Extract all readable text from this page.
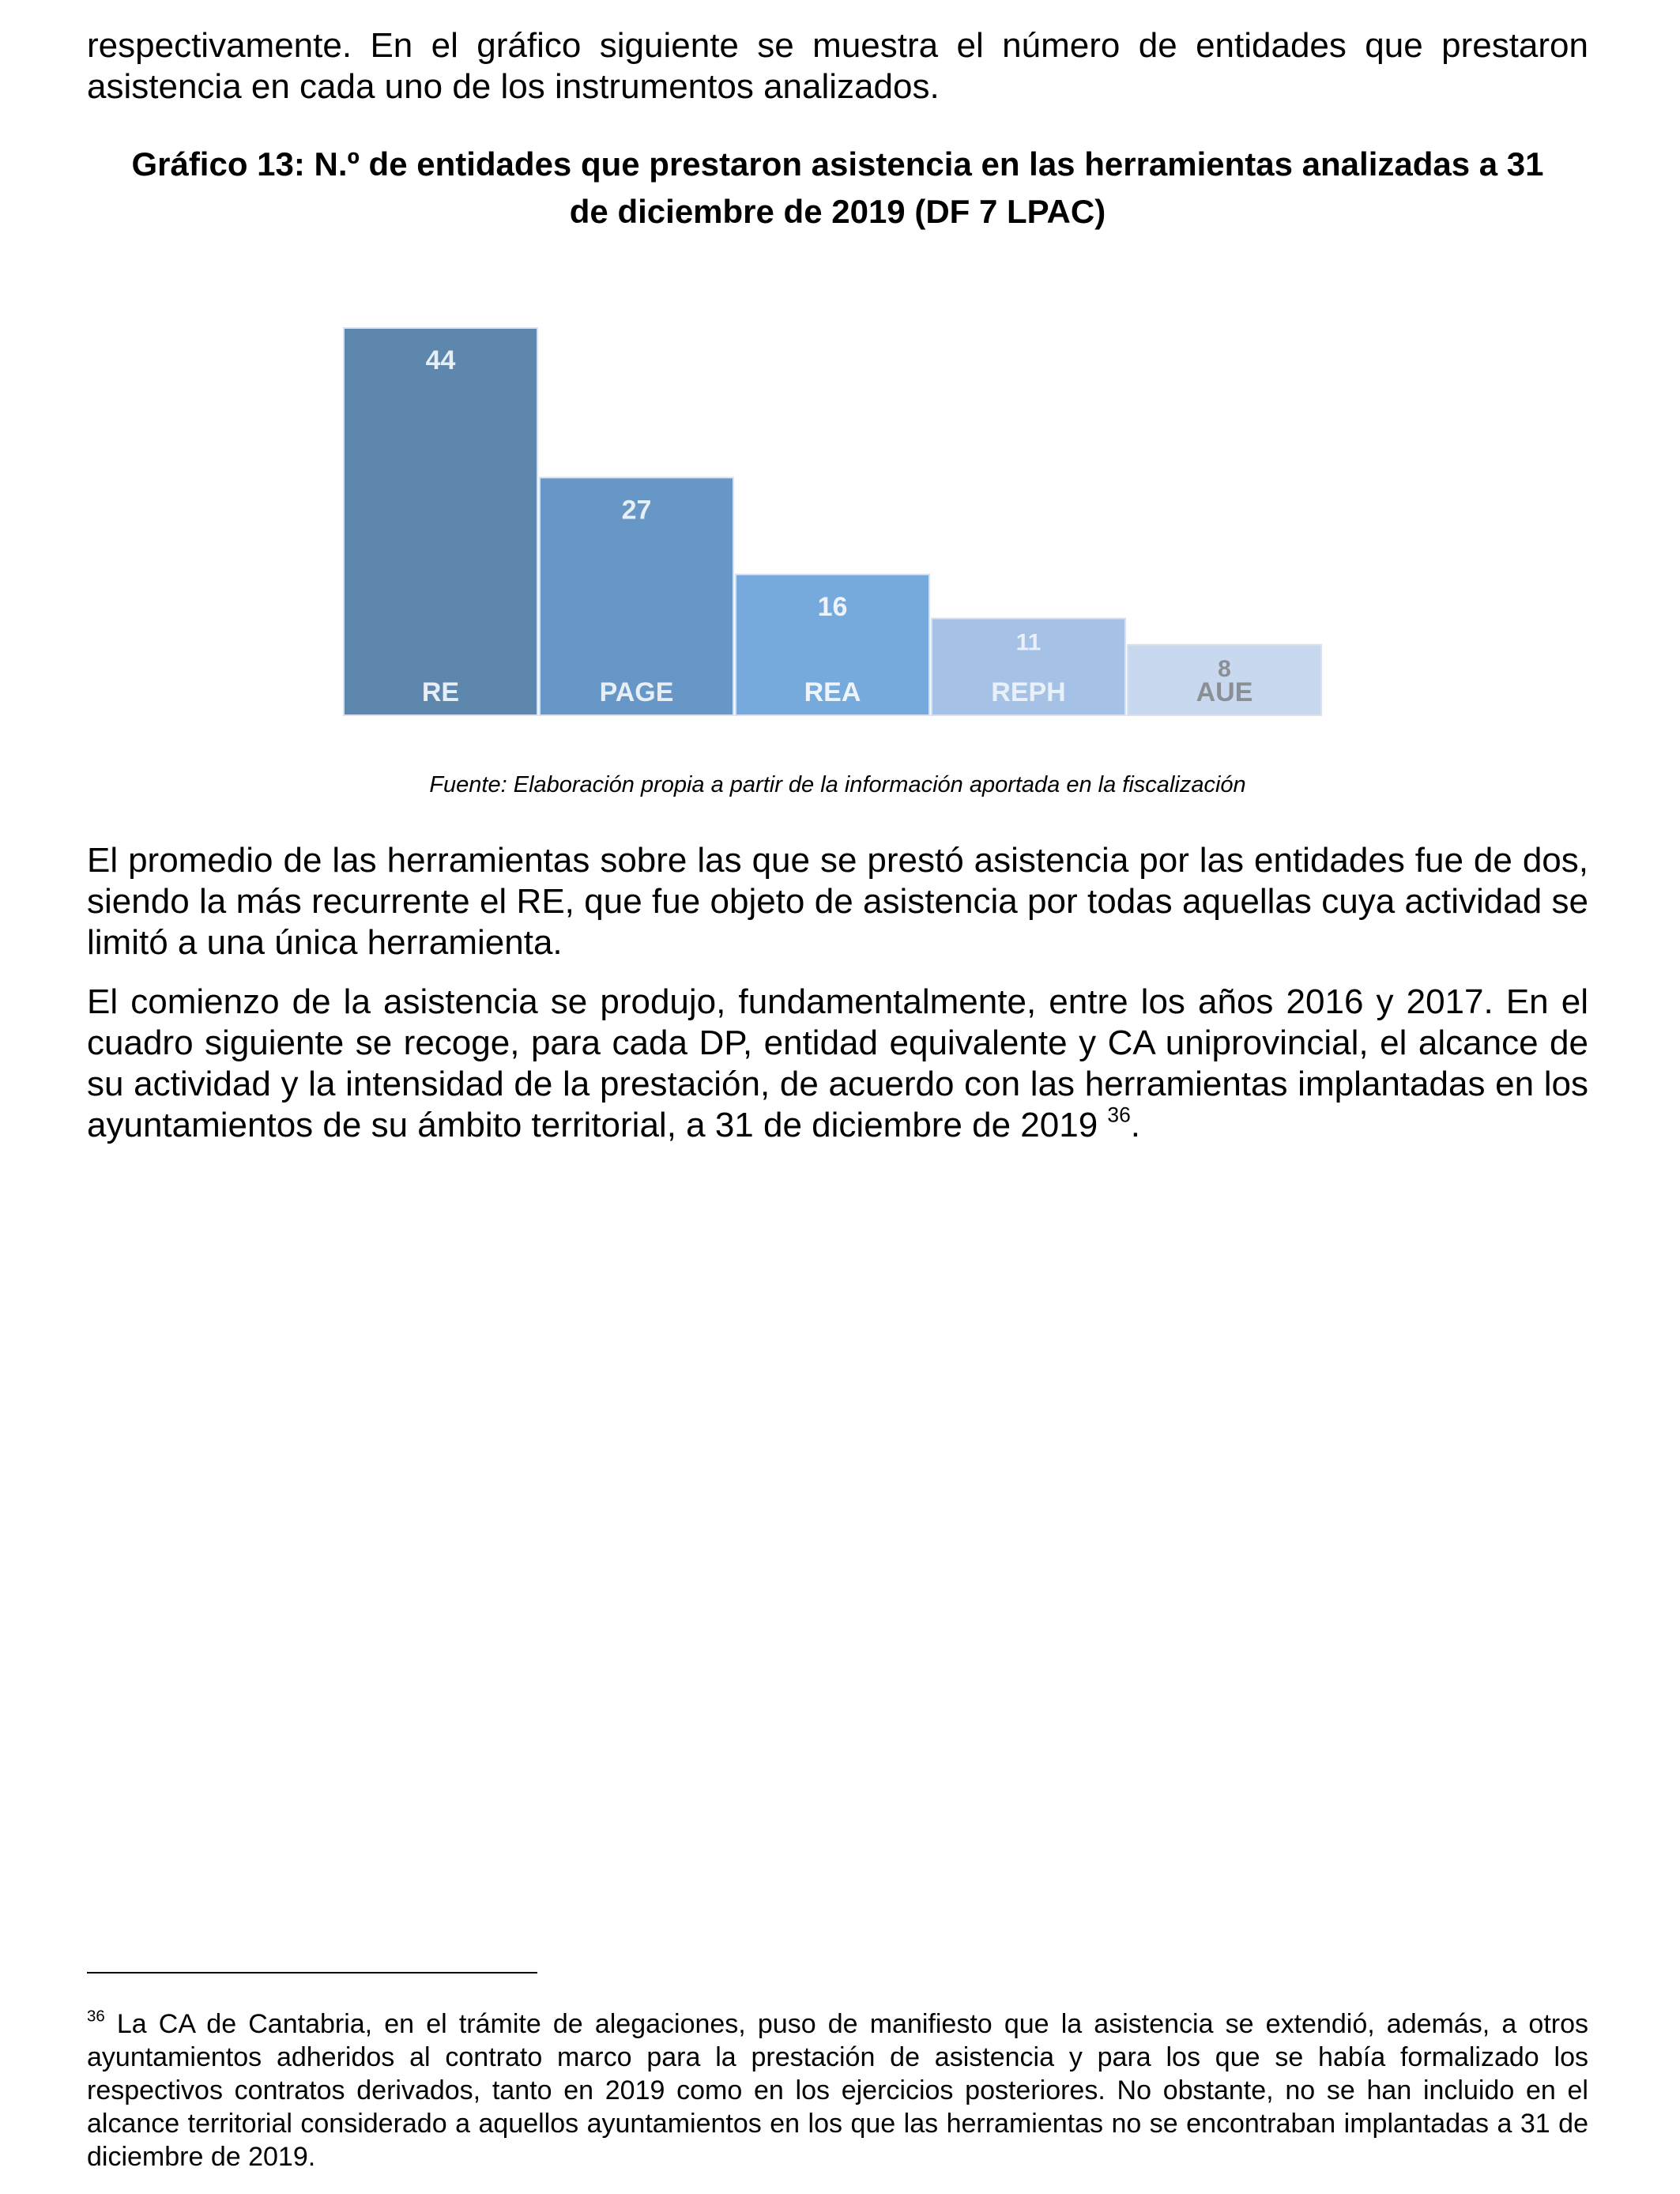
respectivamente. En el gráfico siguiente se muestra el número de entidades que prestaron asistencia en cada uno de los instrumentos analizados.

Gráfico 13: N.º de entidades que prestaron asistencia en las herramientas analizadas a 31
de diciembre de 2019 (DF 7 LPAC)
44
RE
27
PAGE
16
REA
11
REPH
8
AUE
Fuente: Elaboración propia a partir de la información aportada en la fiscalización

El promedio de las herramientas sobre las que se prestó asistencia por las entidades fue de dos, siendo la más recurrente el RE, que fue objeto de asistencia por todas aquellas cuya actividad se limitó a una única herramienta.

El comienzo de la asistencia se produjo, fundamentalmente, entre los años 2016 y 2017. En el cuadro siguiente se recoge, para cada DP, entidad equivalente y CA uniprovincial, el alcance de su actividad y la intensidad de la prestación, de acuerdo con las herramientas implantadas en los ayuntamientos de su ámbito territorial, a 31 de diciembre de 2019 $^{36}$.

$^{36}$ La CA de Cantabria, en el trámite de alegaciones, puso de manifiesto que la asistencia se extendió, además, a otros ayuntamientos adheridos al contrato marco para la prestación de asistencia y para los que se había formalizado los respectivos contratos derivados, tanto en 2019 como en los ejercicios posteriores. No obstante, no se han incluido en el alcance territorial considerado a aquellos ayuntamientos en los que las herramientas no se encontraban implantadas a 31 de diciembre de 2019.
